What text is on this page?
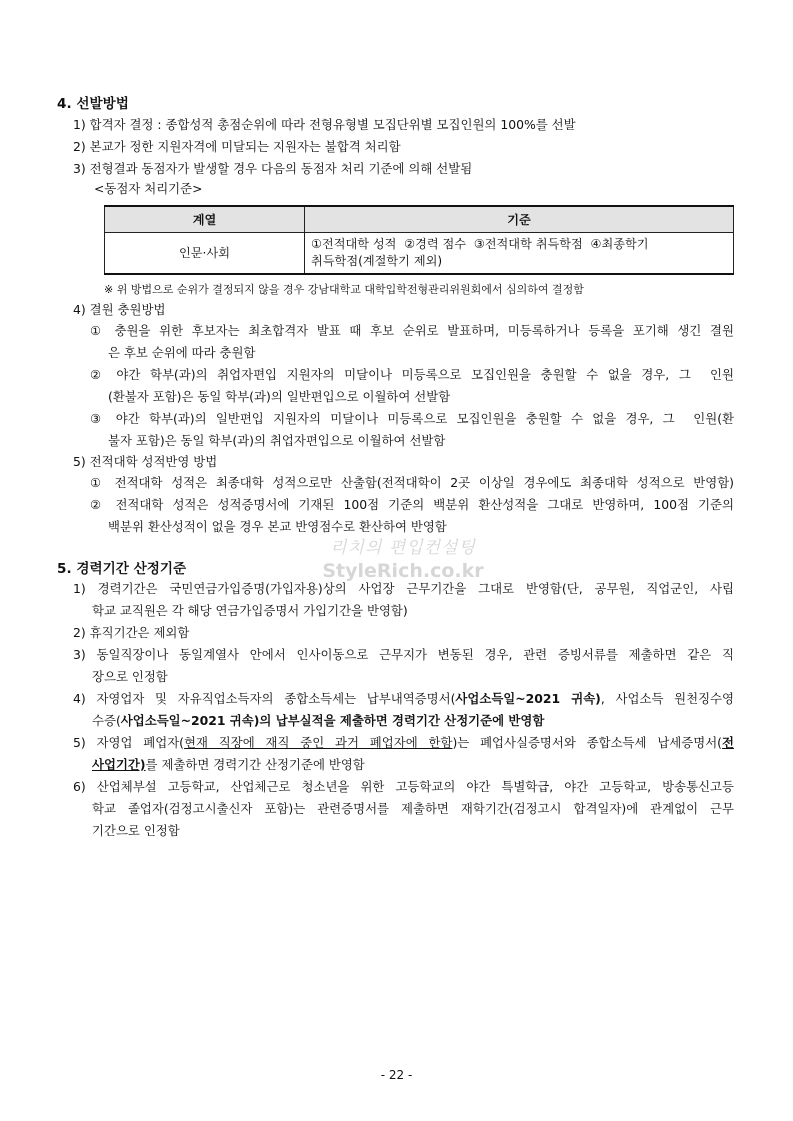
4. 선발방법
1) 합격자 결정 : 종합성적 총점순위에 따라 전형유형별 모집단위별 모집인원의 100%를 선발
2) 본교가 정한 지원자격에 미달되는 지원자는 불합격 처리함
3) 전형결과 동점자가 발생할 경우 다음의 동점자 처리 기준에 의해 선발됨
<동점자 처리기준>
계열	기준
인문·사회	①전적대학 성적  ②경력 점수  ③전적대학 취득학점  ④최종학기
취득학점(계절학기 제외)
※ 위 방법으로 순위가 결정되지 않을 경우 강남대학교 대학입학전형관리위원회에서 심의하여 결정함
4) 결원 충원방법
① 충원을 위한 후보자는 최초합격자 발표 때 후보 순위로 발표하며, 미등록하거나 등록을 포기해 생긴 결원
은 후보 순위에 따라 충원함
② 야간 학부(과)의 취업자편입 지원자의 미달이나 미등록으로 모집인원을 충원할 수 없을 경우, 그  인원
(환불자 포함)은 동일 학부(과)의 일반편입으로 이월하여 선발함
③ 야간 학부(과)의 일반편입 지원자의 미달이나 미등록으로 모집인원을 충원할 수 없을 경우, 그  인원(환
불자 포함)은 동일 학부(과)의 취업자편입으로 이월하여 선발함
5) 전적대학 성적반영 방법
① 전적대학 성적은 최종대학 성적으로만 산출함(전적대학이 2곳 이상일 경우에도 최종대학 성적으로 반영함)
② 전적대학 성적은 성적증명서에 기재된 100점 기준의 백분위 환산성적을 그대로 반영하며, 100점 기준의
백분위 환산성적이 없을 경우 본교 반영점수로 환산하여 반영함
리치의 편입컨설팅
StyleRich.co.kr
5. 경력기간 산정기준
1) 경력기간은 국민연금가입증명(가입자용)상의 사업장 근무기간을 그대로 반영함(단, 공무원, 직업군인, 사립
학교 교직원은 각 해당 연금가입증명서 가입기간을 반영함)
2) 휴직기간은 제외함
3) 동일직장이나 동일계열사 안에서 인사이동으로 근무지가 변동된 경우, 관련 증빙서류를 제출하면 같은 직
장으로 인정함
4) 자영업자 및 자유직업소득자의 종합소득세는 납부내역증명서(사업소득일~2021 귀속), 사업소득 원천징수영
수증(사업소득일~2021 귀속)의 납부실적을 제출하면 경력기간 산정기준에 반영함
5) 자영업 폐업자(현재 직장에 재직 중인 과거 폐업자에 한함)는 폐업사실증명서와 종합소득세 납세증명서(전
사업기간)를 제출하면 경력기간 산정기준에 반영함
6) 산업체부설 고등학교, 산업체근로 청소년을 위한 고등학교의 야간 특별학급, 야간 고등학교, 방송통신고등
학교 졸업자(검정고시출신자 포함)는 관련증명서를 제출하면 재학기간(검정고시 합격일자)에 관계없이 근무
기간으로 인정함
- 22 -
